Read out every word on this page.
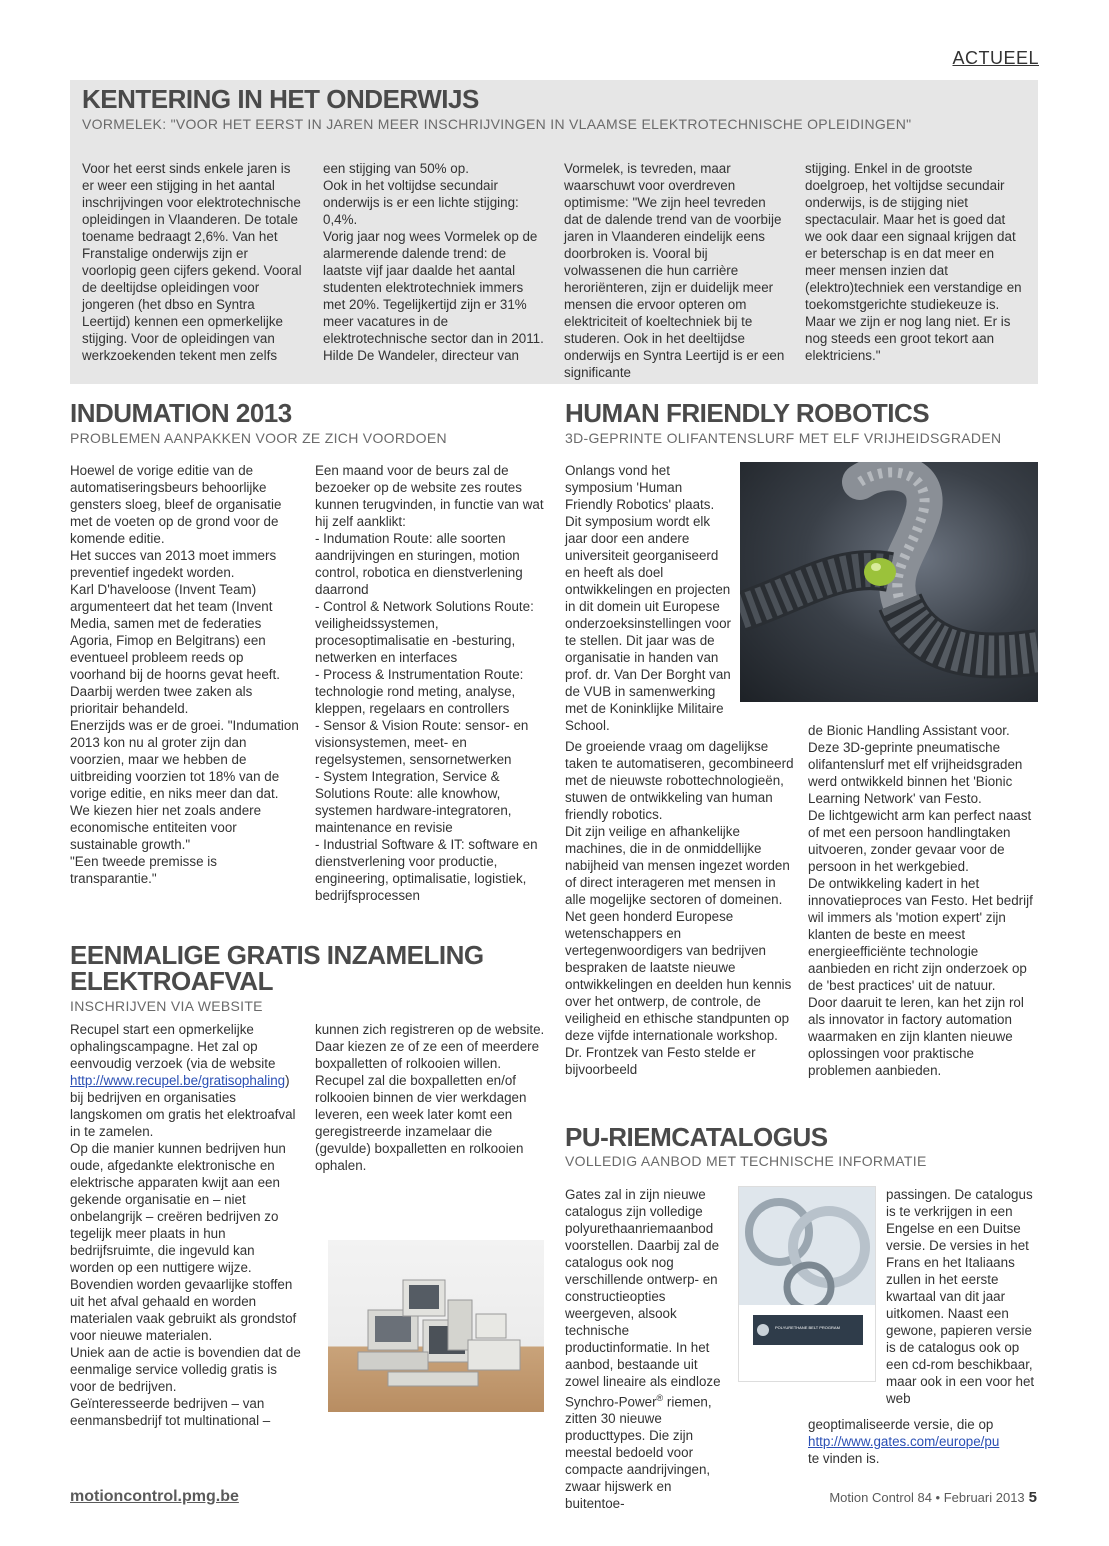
ACTUEEL
KENTERING IN HET ONDERWIJS
VORMELEK: "VOOR HET EERST IN JAREN MEER INSCHRIJVINGEN IN VLAAMSE ELEKTROTECHNISCHE OPLEIDINGEN"
Voor het eerst sinds enkele jaren is er weer een stijging in het aantal inschrijvingen voor elektrotechnische opleidingen in Vlaanderen. De totale toename bedraagt 2,6%. Van het Franstalige onderwijs zijn er voorlopig geen cijfers gekend. Vooral de deeltijdse opleidingen voor jongeren (het dbso en Syntra Leertijd) kennen een opmerkelijke stijging. Voor de opleidingen van werkzoekenden tekent men zelfs

een stijging van 50% op.

Ook in het voltijdse secundair onderwijs is er een lichte stijging: 0,4%.

Vorig jaar nog wees Vormelek op de alarmerende dalende trend: de laatste vijf jaar daalde het aantal studenten elektrotechniek immers met 20%. Tegelijkertijd zijn er 31% meer vacatures in de elektrotechnische sector dan in 2011. Hilde De Wandeler, directeur van

Vormelek, is tevreden, maar waarschuwt voor overdreven optimisme: "We zijn heel tevreden dat de dalende trend van de voorbije jaren in Vlaanderen eindelijk eens doorbroken is. Vooral bij volwassenen die hun carrière heroriënteren, zijn er duidelijk meer mensen die ervoor opteren om elektriciteit of koeltechniek bij te studeren. Ook in het deeltijdse onderwijs en Syntra Leertijd is er een significante
stijging. Enkel in de grootste doelgroep, het voltijdse secundair onderwijs, is de stijging niet spectaculair. Maar het is goed dat we ook daar een signaal krijgen dat er beterschap is en dat meer en meer mensen inzien dat (elektro)techniek een verstandige en toekomstgerichte studiekeuze is. Maar we zijn er nog lang niet. Er is nog steeds een groot tekort aan elektriciens."
INDUMATION 2013
PROBLEMEN AANPAKKEN VOOR ZE ZICH VOORDOEN

Hoewel de vorige editie van de automatiseringsbeurs behoorlijke gensters sloeg, bleef de organisatie met de voeten op de grond voor de komende editie.

Het succes van 2013 moet immers preventief ingedekt worden.

Karl D'haveloose (Invent Team) argumenteert dat het team (Invent Media, samen met de federaties Agoria, Fimop en Belgitrans) een eventueel probleem reeds op voorhand bij de hoorns gevat heeft. Daarbij werden twee zaken als prioritair behandeld.

Enerzijds was er de groei. "Indumation 2013 kon nu al groter zijn dan voorzien, maar we hebben de uitbreiding voorzien tot 18% van de vorige editie, en niks meer dan dat.

We kiezen hier net zoals andere economische entiteiten voor sustainable growth."

"Een tweede premisse is transparantie."

Een maand voor de beurs zal de bezoeker op de website zes routes kunnen terugvinden, in functie van wat hij zelf aanklikt:

- Indumation Route: alle soorten aandrijvingen en sturingen, motion control, robotica en dienstverlening daarrond

- Control & Network Solutions Route: veiligheidssystemen, procesoptimalisatie en -besturing, netwerken en interfaces

- Process & Instrumentation Route: technologie rond meting, analyse, kleppen, regelaars en controllers

- Sensor & Vision Route: sensor- en visionsystemen, meet- en regelsystemen, sensornetwerken

- System Integration, Service & Solutions Route: alle knowhow, systemen hardware-integratoren, maintenance en revisie

- Industrial Software & IT: software en dienstverlening voor productie, engineering, optimalisatie, logistiek, bedrijfsprocessen

HUMAN FRIENDLY ROBOTICS
3D-GEPRINTE OLIFANTENSLURF MET ELF VRIJHEIDSGRADEN
Onlangs vond het symposium 'Human Friendly Robotics' plaats. Dit symposium wordt elk jaar door een andere universiteit georganiseerd en heeft als doel ontwikkelingen en projecten in dit domein uit Europese onderzoeksinstellingen voor te stellen. Dit jaar was de organisatie in handen van prof. dr. Van Der Borght van de VUB in samenwerking met de Koninklijke Militaire School.

De groeiende vraag om dagelijkse taken te automatiseren, gecombineerd met de nieuwste robottechnologieën, stuwen de ontwikkeling van human friendly robotics.

Dit zijn veilige en afhankelijke machines, die in de onmiddellijke nabijheid van mensen ingezet worden of direct interageren met mensen in alle mogelijke sectoren of domeinen.

Net geen honderd Europese wetenschappers en vertegenwoordigers van bedrijven bespraken de laatste nieuwe ontwikkelingen en deelden hun kennis over het ontwerp, de controle, de veiligheid en ethische standpunten op deze vijfde internationale workshop. Dr. Frontzek van Festo stelde er bijvoorbeeld

de Bionic Handling Assistant voor. Deze 3D-geprinte pneumatische olifantenslurf met elf vrijheidsgraden werd ontwikkeld binnen het 'Bionic Learning Network' van Festo.

De lichtgewicht arm kan perfect naast of met een persoon handlingtaken uitvoeren, zonder gevaar voor de persoon in het werkgebied.

De ontwikkeling kadert in het innovatieproces van Festo. Het bedrijf wil immers als 'motion expert' zijn klanten de beste en meest energieefficiënte technologie aanbieden en richt zijn onderzoek op de 'best practices' uit de natuur.

Door daaruit te leren, kan het zijn rol als innovator in factory automation waarmaken en zijn klanten nieuwe oplossingen voor praktische problemen aanbieden.

EENMALIGE GRATIS INZAMELING
ELEKTROAFVAL
INSCHRIJVEN VIA WEBSITE

Recupel start een opmerkelijke ophalingscampagne. Het zal op eenvoudig verzoek (via de website http://www.recupel.be/gratisophaling) bij bedrijven en organisaties langskomen om gratis het elektroafval in te zamelen.

Op die manier kunnen bedrijven hun oude, afgedankte elektronische en elektrische apparaten kwijt aan een gekende organisatie en – niet onbelangrijk – creëren bedrijven zo tegelijk meer plaats in hun bedrijfsruimte, die ingevuld kan worden op een nuttigere wijze.

Bovendien worden gevaarlijke stoffen uit het afval gehaald en worden materialen vaak gebruikt als grondstof voor nieuwe materialen.

Uniek aan de actie is bovendien dat de eenmalige service volledig gratis is voor de bedrijven.

Geïnteresseerde bedrijven – van eenmansbedrijf tot multinational –

kunnen zich registreren op de website.

Daar kiezen ze of ze een of meerdere boxpalletten of rolkooien willen.

Recupel zal die boxpalletten en/of rolkooien binnen de vier werkdagen leveren, een week later komt een geregistreerde inzamelaar die (gevulde) boxpalletten en rolkooien ophalen.

PU-RIEMCATALOGUS
VOLLEDIG AANBOD MET TECHNISCHE INFORMATIE

Gates zal in zijn nieuwe catalogus zijn volledige polyurethaanriemaanbod voorstellen. Daarbij zal de catalogus ook nog verschillende ontwerp- en constructieopties weergeven, alsook technische productinformatie. In het aanbod, bestaande uit zowel lineaire als eindloze Synchro-Power® riemen, zitten 30 nieuwe producttypes. Die zijn meestal bedoeld voor compacte aandrijvingen, zwaar hijswerk en buitentoe-

POLYURETHANE BELT PROGRAM
passingen. De catalogus is te verkrijgen in een Engelse en een Duitse versie. De versies in het Frans en het Italiaans zullen in het eerste kwartaal van dit jaar uitkomen. Naast een gewone, papieren versie is de catalogus ook op een cd-rom beschikbaar, maar ook in een voor het web

geoptimaliseerde versie, die op

http://www.gates.com/europe/pu

te vinden is.

motioncontrol.pmg.be	Motion Control 84 • Februari 2013 5
